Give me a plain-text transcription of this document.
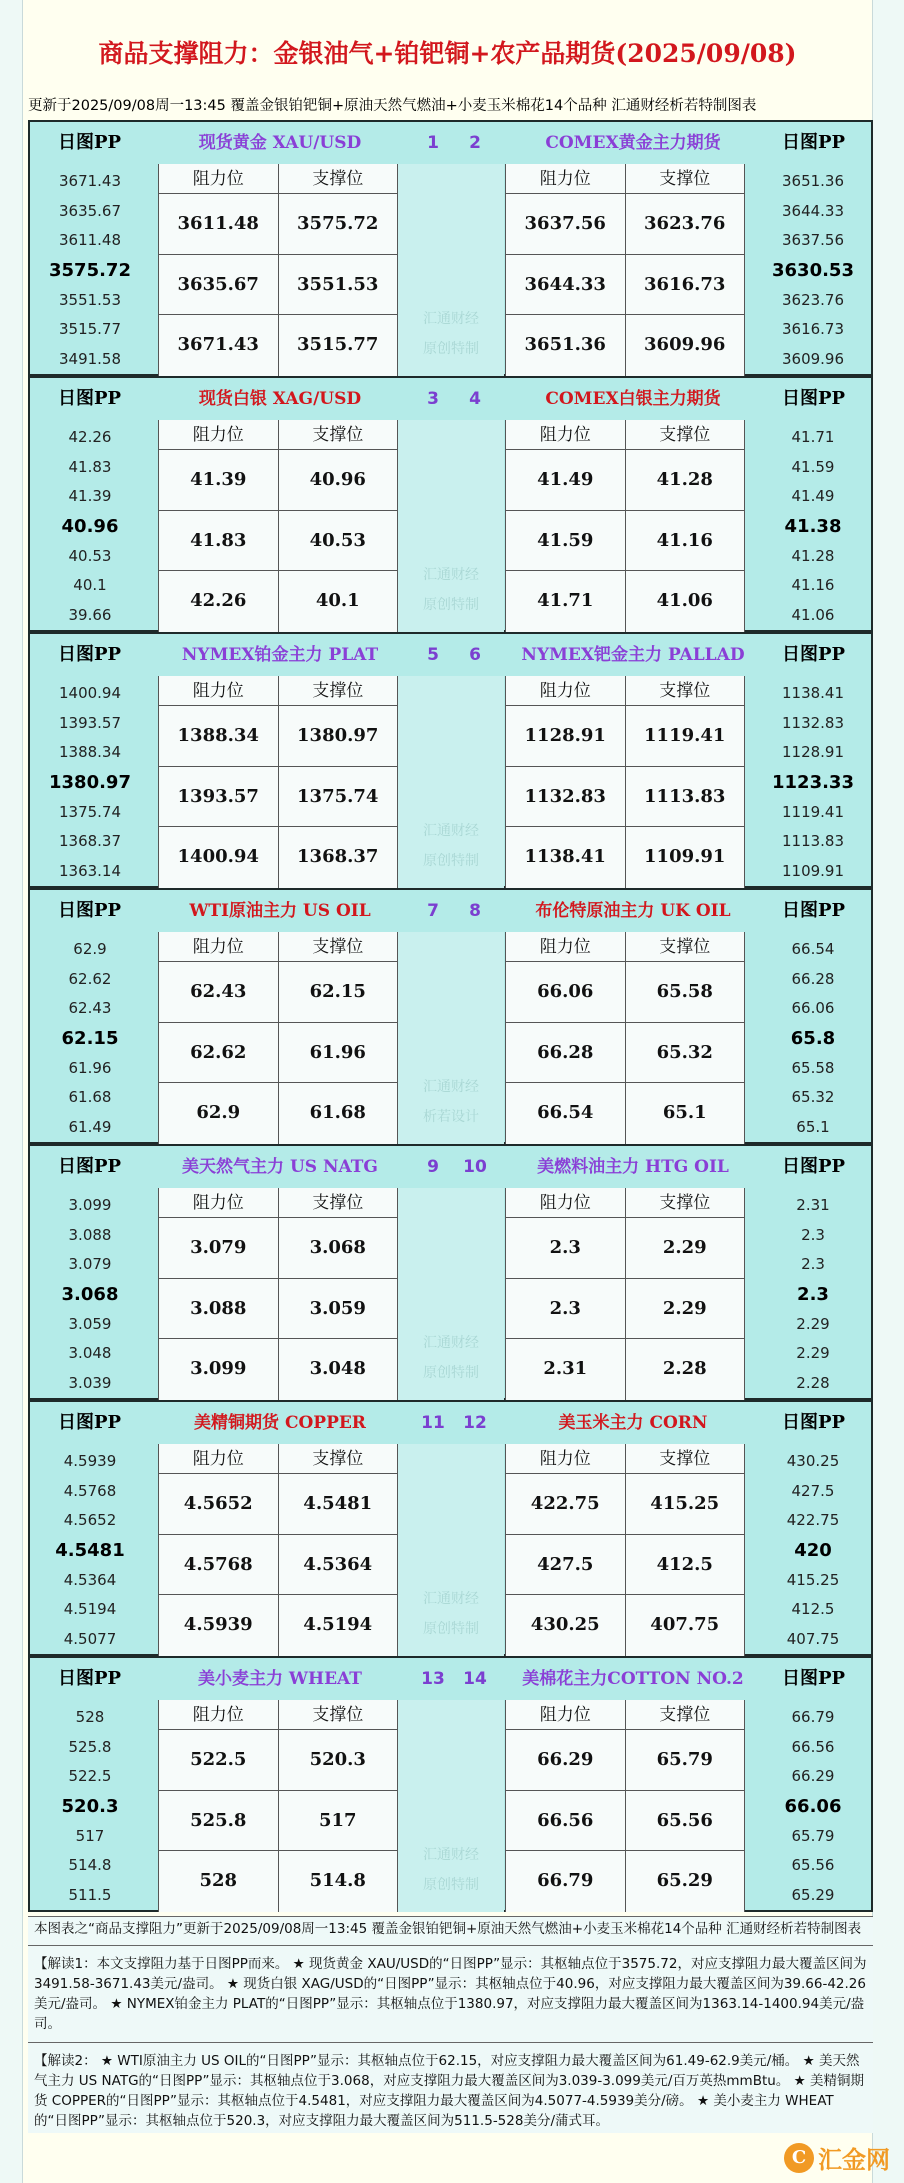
商品支撑阻力：金银油气+铂钯铜+农产品期货(2025/09/08)
更新于2025/09/08周一13:45 覆盖金银铂钯铜+原油天然气燃油+小麦玉米棉花14个品种 汇通财经析若特制图表
日图PP	现货黄金 XAU/USD	1	2	COMEX黄金主力期货	日图PP
3671.43
3635.67
3611.48
3575.72
3551.53
3515.77
3491.58
阻力位	支撑位
3611.48	3575.72
3635.67	3551.53
3671.43	3515.77
汇通财经
原创特制
阻力位	支撑位
3637.56	3623.76
3644.33	3616.73
3651.36	3609.96
3651.36
3644.33
3637.56
3630.53
3623.76
3616.73
3609.96
日图PP	现货白银 XAG/USD	3	4	COMEX白银主力期货	日图PP
42.26
41.83
41.39
40.96
40.53
40.1
39.66
阻力位	支撑位
41.39	40.96
41.83	40.53
42.26	40.1
汇通财经
原创特制
阻力位	支撑位
41.49	41.28
41.59	41.16
41.71	41.06
41.71
41.59
41.49
41.38
41.28
41.16
41.06
日图PP	NYMEX铂金主力 PLAT	5	6	NYMEX钯金主力 PALLAD	日图PP
1400.94
1393.57
1388.34
1380.97
1375.74
1368.37
1363.14
阻力位	支撑位
1388.34	1380.97
1393.57	1375.74
1400.94	1368.37
汇通财经
原创特制
阻力位	支撑位
1128.91	1119.41
1132.83	1113.83
1138.41	1109.91
1138.41
1132.83
1128.91
1123.33
1119.41
1113.83
1109.91
日图PP	WTI原油主力 US OIL	7	8	布伦特原油主力 UK OIL	日图PP
62.9
62.62
62.43
62.15
61.96
61.68
61.49
阻力位	支撑位
62.43	62.15
62.62	61.96
62.9	61.68
汇通财经
析若设计
阻力位	支撑位
66.06	65.58
66.28	65.32
66.54	65.1
66.54
66.28
66.06
65.8
65.58
65.32
65.1
日图PP	美天然气主力 US NATG	9	10	美燃料油主力 HTG OIL	日图PP
3.099
3.088
3.079
3.068
3.059
3.048
3.039
阻力位	支撑位
3.079	3.068
3.088	3.059
3.099	3.048
汇通财经
原创特制
阻力位	支撑位
2.3	2.29
2.3	2.29
2.31	2.28
2.31
2.3
2.3
2.3
2.29
2.29
2.28
日图PP	美精铜期货 COPPER	11 12	美玉米主力 CORN	日图PP
4.5939
4.5768
4.5652
4.5481
4.5364
4.5194
4.5077
阻力位	支撑位
4.5652	4.5481
4.5768	4.5364
4.5939	4.5194
汇通财经
原创特制
阻力位	支撑位
422.75	415.25
427.5	412.5
430.25	407.75
430.25
427.5
422.75
420
415.25
412.5
407.75
日图PP	美小麦主力 WHEAT	13 14	美棉花主力COTTON NO.2	日图PP
528
525.8
522.5
520.3
517
514.8
511.5
阻力位	支撑位
522.5	520.3
525.8	517
528	514.8
汇通财经
原创特制
阻力位	支撑位
66.29	65.79
66.56	65.56
66.79	65.29
66.79
66.56
66.29
66.06
65.79
65.56
65.29
本图表之“商品支撑阻力”更新于2025/09/08周一13:45 覆盖金银铂钯铜+原油天然气燃油+小麦玉米棉花14个品种 汇通财经析若特制图表
【解读1：本文支撑阻力基于日图PP而来。 ★ 现货黄金 XAU/USD的“日图PP”显示：其枢轴点位于3575.72，对应支撑阻力最大覆盖区间为3491.58-3671.43美元/盎司。 ★ 现货白银 XAG/USD的“日图PP”显示：其枢轴点位于40.96，对应支撑阻力最大覆盖区间为39.66-42.26美元/盎司。 ★ NYMEX铂金主力 PLAT的“日图PP”显示：其枢轴点位于1380.97，对应支撑阻力最大覆盖区间为1363.14-1400.94美元/盎司。
【解读2： ★ WTI原油主力 US OIL的“日图PP”显示：其枢轴点位于62.15，对应支撑阻力最大覆盖区间为61.49-62.9美元/桶。 ★ 美天然气主力 US NATG的“日图PP”显示：其枢轴点位于3.068，对应支撑阻力最大覆盖区间为3.039-3.099美元/百万英热mmBtu。 ★ 美精铜期货 COPPER的“日图PP”显示：其枢轴点位于4.5481，对应支撑阻力最大覆盖区间为4.5077-4.5939美分/磅。 ★ 美小麦主力 WHEAT的“日图PP”显示：其枢轴点位于520.3，对应支撑阻力最大覆盖区间为511.5-528美分/蒲式耳。
C 汇金网
